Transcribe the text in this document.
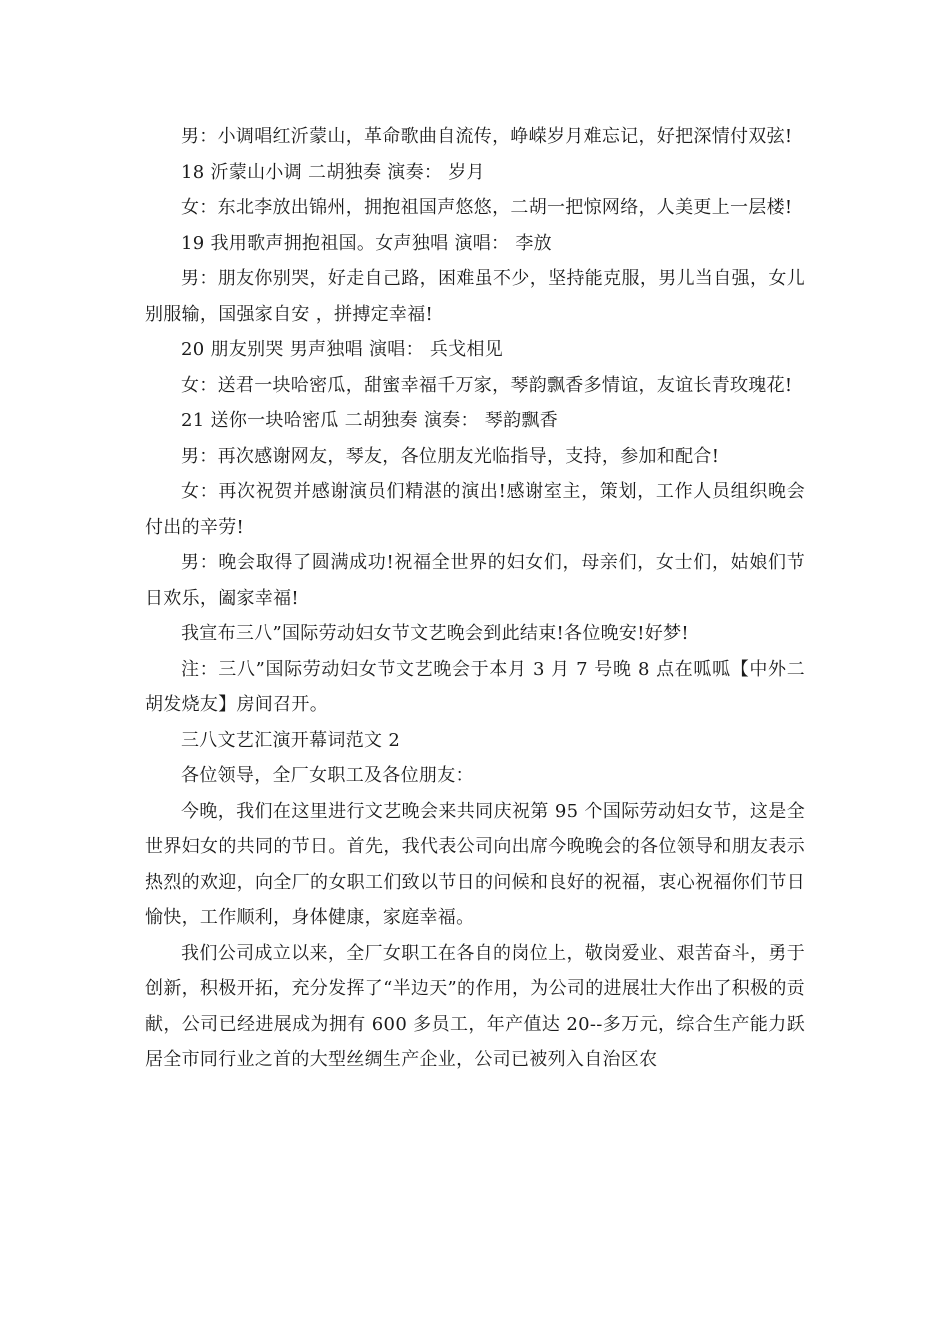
男：小调唱红沂蒙山，革命歌曲自流传，峥嵘岁月难忘记，好把深情付双弦!

18 沂蒙山小调 二胡独奏 演奏： 岁月

女：东北李放出锦州，拥抱祖国声悠悠，二胡一把惊网络，人美更上一层楼!

19 我用歌声拥抱祖国。女声独唱 演唱： 李放

男：朋友你别哭，好走自己路，困难虽不少，坚持能克服，男儿当自强，女儿别服输，国强家自安 ，拼搏定幸福!

20 朋友别哭 男声独唱 演唱： 兵戈相见

女：送君一块哈密瓜，甜蜜幸福千万家，琴韵飘香多情谊，友谊长青玫瑰花!

21 送你一块哈密瓜 二胡独奏 演奏： 琴韵飘香

男：再次感谢网友，琴友，各位朋友光临指导，支持，参加和配合!

女：再次祝贺并感谢演员们精湛的演出!感谢室主，策划，工作人员组织晚会付出的辛劳!

男：晚会取得了圆满成功!祝福全世界的妇女们，母亲们，女士们，姑娘们节日欢乐，阖家幸福!

我宣布三八”国际劳动妇女节文艺晚会到此结束!各位晚安!好梦!

注：三八”国际劳动妇女节文艺晚会于本月 3 月 7 号晚 8 点在呱呱【中外二胡发烧友】房间召开。

三八文艺汇演开幕词范文 2

各位领导，全厂女职工及各位朋友：

今晚，我们在这里进行文艺晚会来共同庆祝第 95 个国际劳动妇女节，这是全世界妇女的共同的节日。首先，我代表公司向出席今晚晚会的各位领导和朋友表示热烈的欢迎，向全厂的女职工们致以节日的问候和良好的祝福，衷心祝福你们节日愉快，工作顺利，身体健康，家庭幸福。

我们公司成立以来，全厂女职工在各自的岗位上，敬岗爱业、艰苦奋斗，勇于创新，积极开拓，充分发挥了“半边天”的作用，为公司的进展壮大作出了积极的贡献，公司已经进展成为拥有 600 多员工，年产值达 20--多万元，综合生产能力跃居全市同行业之首的大型丝绸生产企业，公司已被列入自治区农
